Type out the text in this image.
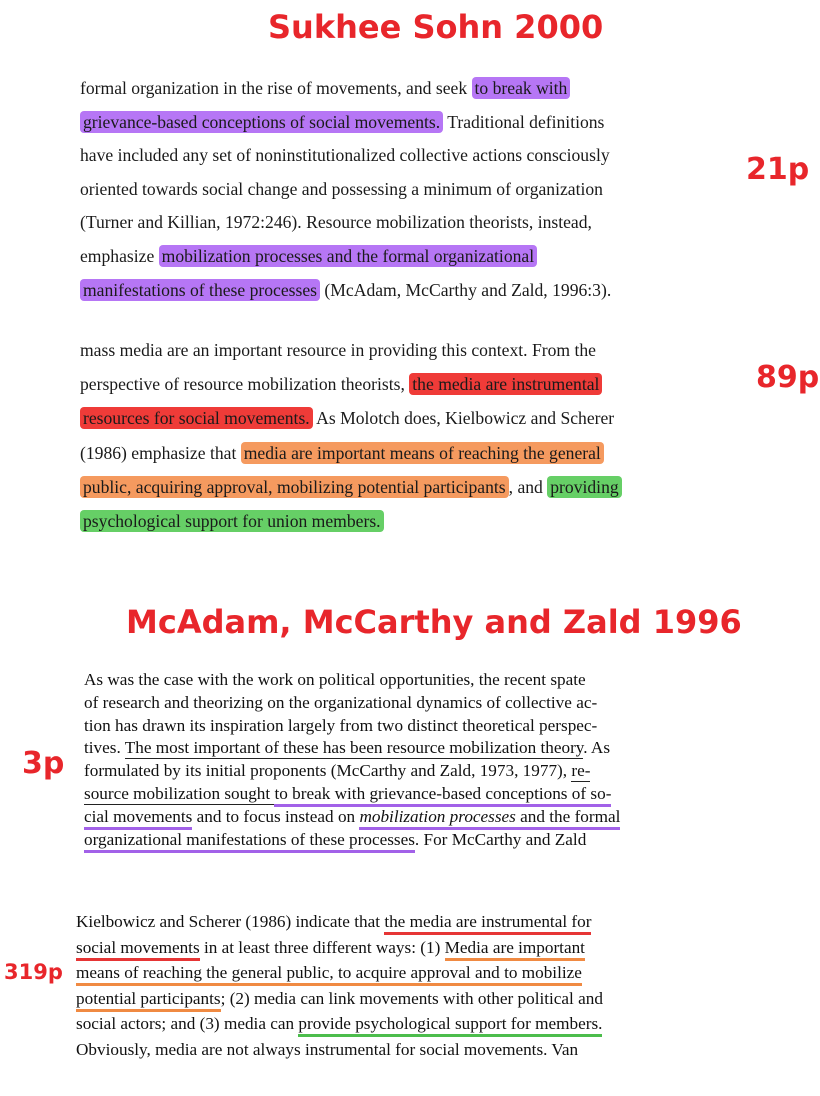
Sukhee Sohn 2000
21p
formal organization in the rise of movements, and seek to break with
grievance-based conceptions of social movements. Traditional definitions
have included any set of noninstitutionalized collective actions consciously
oriented towards social change and possessing a minimum of organization
(Turner and Killian, 1972:246). Resource mobilization theorists, instead,
emphasize mobilization processes and the formal organizational
manifestations of these processes (McAdam, McCarthy and Zald, 1996:3).
89p
mass media are an important resource in providing this context. From the
perspective of resource mobilization theorists, the media are instrumental
resources for social movements. As Molotch does, Kielbowicz and Scherer
(1986) emphasize that media are important means of reaching the general
public, acquiring approval, mobilizing potential participants , and providing
psychological support for union members.
McAdam, McCarthy and Zald 1996
3p
As was the case with the work on political opportunities, the recent spate
of research and theorizing on the organizational dynamics of collective ac-
tion has drawn its inspiration largely from two distinct theoretical perspec-
tives. The most important of these has been resource mobilization theory. As
formulated by its initial proponents (McCarthy and Zald, 1973, 1977), re-
source mobilization sought to break with grievance-based conceptions of so-
cial movements and to focus instead on mobilization processes and the formal
organizational manifestations of these processes. For McCarthy and Zald
319p
Kielbowicz and Scherer (1986) indicate that the media are instrumental for
social movements in at least three different ways: (1) Media are important
means of reaching the general public, to acquire approval and to mobilize
potential participants; (2) media can link movements with other political and
social actors; and (3) media can provide psychological support for members.
Obviously, media are not always instrumental for social movements. Van
